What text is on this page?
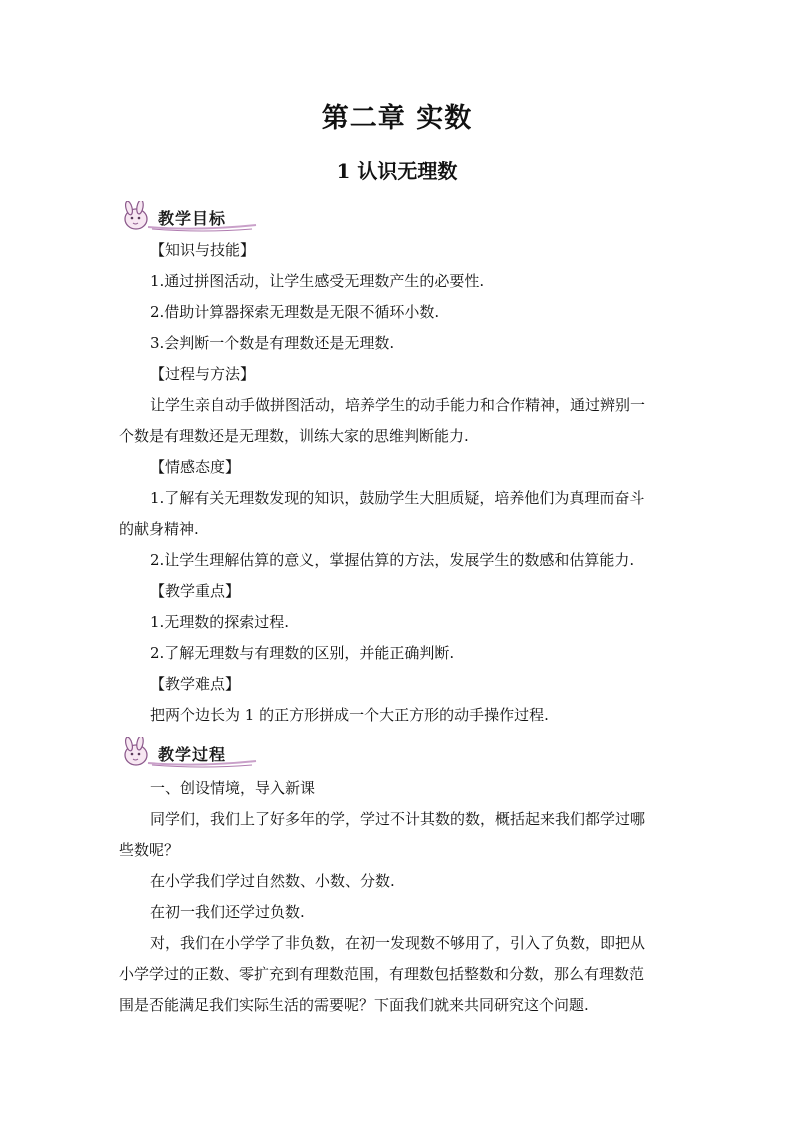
第二章 实数
1 认识无理数
教学目标
【知识与技能】
1.通过拼图活动，让学生感受无理数产生的必要性.
2.借助计算器探索无理数是无限不循环小数.
3.会判断一个数是有理数还是无理数.
【过程与方法】
让学生亲自动手做拼图活动，培养学生的动手能力和合作精神，通过辨别一
个数是有理数还是无理数，训练大家的思维判断能力.
【情感态度】
1.了解有关无理数发现的知识，鼓励学生大胆质疑，培养他们为真理而奋斗
的献身精神.
2.让学生理解估算的意义，掌握估算的方法，发展学生的数感和估算能力.
【教学重点】
1.无理数的探索过程.
2.了解无理数与有理数的区别，并能正确判断.
【教学难点】
把两个边长为 1 的正方形拼成一个大正方形的动手操作过程.
教学过程
一、创设情境，导入新课
同学们，我们上了好多年的学，学过不计其数的数，概括起来我们都学过哪
些数呢？
在小学我们学过自然数、小数、分数.
在初一我们还学过负数.
对，我们在小学学了非负数，在初一发现数不够用了，引入了负数，即把从
小学学过的正数、零扩充到有理数范围，有理数包括整数和分数，那么有理数范
围是否能满足我们实际生活的需要呢？下面我们就来共同研究这个问题.
